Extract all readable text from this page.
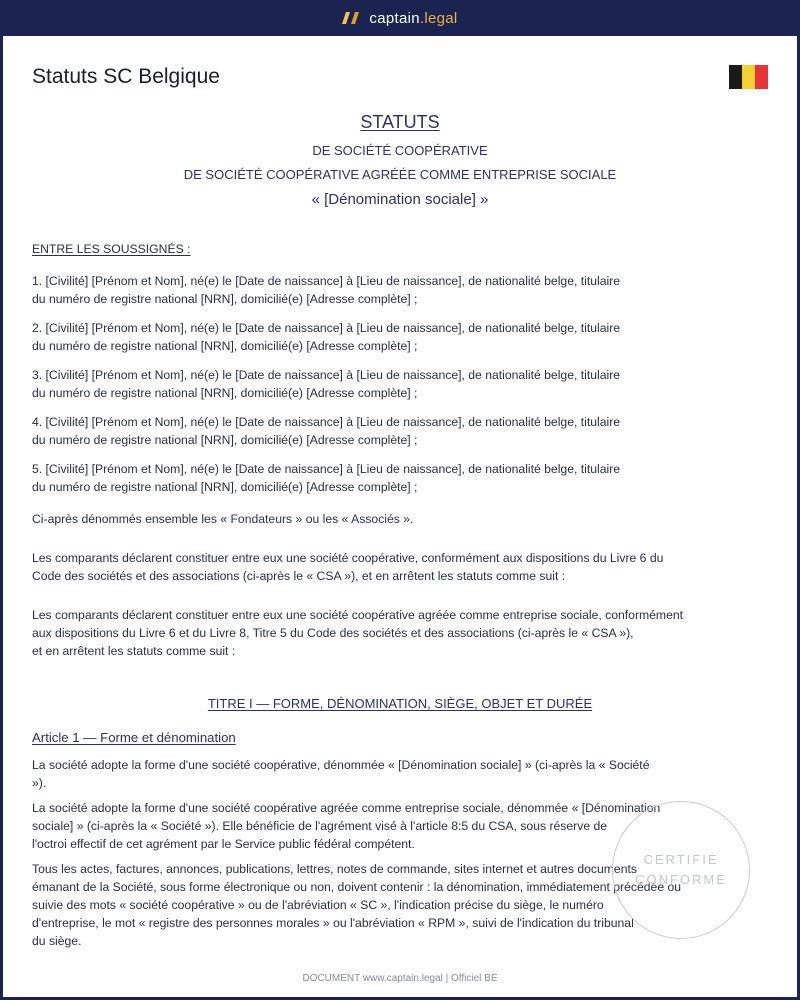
captain.legal
Statuts SC Belgique
STATUTS
DE SOCIÉTÉ COOPÉRATIVE
DE SOCIÉTÉ COOPÉRATIVE AGRÉÉE COMME ENTREPRISE SOCIALE
« [Dénomination sociale] »
ENTRE LES SOUSSIGNÉS :
1. [Civilité] [Prénom et Nom], né(e) le [Date de naissance] à [Lieu de naissance], de nationalité belge, titulaire
du numéro de registre national [NRN], domicilié(e) [Adresse complète] ;
2. [Civilité] [Prénom et Nom], né(e) le [Date de naissance] à [Lieu de naissance], de nationalité belge, titulaire
du numéro de registre national [NRN], domicilié(e) [Adresse complète] ;
3. [Civilité] [Prénom et Nom], né(e) le [Date de naissance] à [Lieu de naissance], de nationalité belge, titulaire
du numéro de registre national [NRN], domicilié(e) [Adresse complète] ;
4. [Civilité] [Prénom et Nom], né(e) le [Date de naissance] à [Lieu de naissance], de nationalité belge, titulaire
du numéro de registre national [NRN], domicilié(e) [Adresse complète] ;
5. [Civilité] [Prénom et Nom], né(e) le [Date de naissance] à [Lieu de naissance], de nationalité belge, titulaire
du numéro de registre national [NRN], domicilié(e) [Adresse complète] ;
Ci-après dénommés ensemble les « Fondateurs » ou les « Associés ».
Les comparants déclarent constituer entre eux une société coopérative, conformément aux dispositions du Livre 6 du
Code des sociétés et des associations (ci-après le « CSA »), et en arrêtent les statuts comme suit :
Les comparants déclarent constituer entre eux une société coopérative agréée comme entreprise sociale, conformément
aux dispositions du Livre 6 et du Livre 8, Titre 5 du Code des sociétés et des associations (ci-après le « CSA »),
et en arrêtent les statuts comme suit :
TITRE I — FORME, DÉNOMINATION, SIÈGE, OBJET ET DURÉE
Article 1 — Forme et dénomination
La société adopte la forme d'une société coopérative, dénommée « [Dénomination sociale] » (ci-après la « Société
»).
La société adopte la forme d'une société coopérative agréée comme entreprise sociale, dénommée « [Dénomination
sociale] » (ci-après la « Société »). Elle bénéficie de l'agrément visé à l'article 8:5 du CSA, sous réserve de
l'octroi effectif de cet agrément par le Service public fédéral compétent.
Tous les actes, factures, annonces, publications, lettres, notes de commande, sites internet et autres documents
émanant de la Société, sous forme électronique ou non, doivent contenir : la dénomination, immédiatement précédée ou
suivie des mots « société coopérative » ou de l'abréviation « SC », l'indication précise du siège, le numéro
d'entreprise, le mot « registre des personnes morales » ou l'abréviation « RPM », suivi de l'indication du tribunal
du siège.
CERTIFIÉ
CONFORME
DOCUMENT www.captain.legal | Officiel BE
